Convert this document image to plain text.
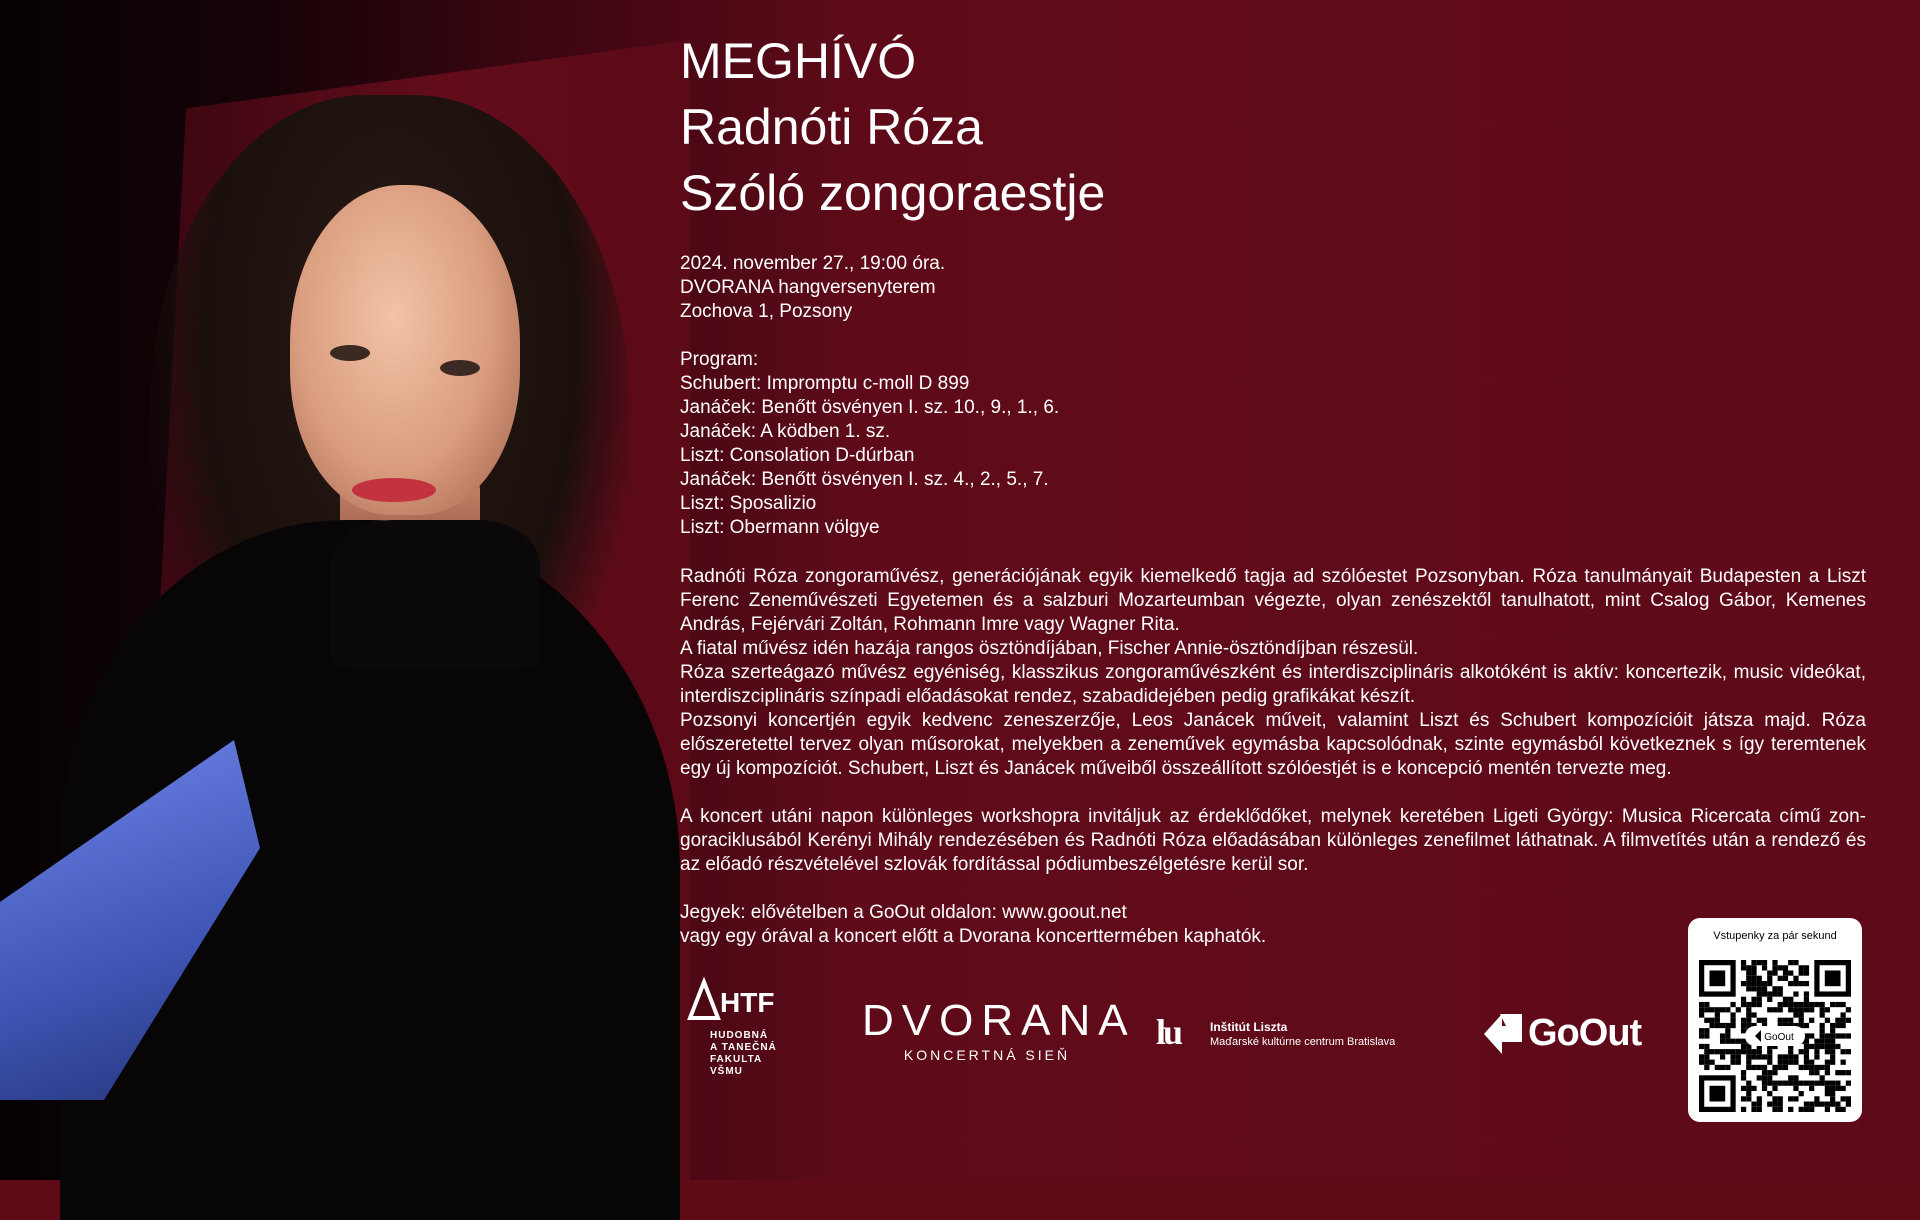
MEGHÍVÓ
Radnóti Róza
Szóló zongoraestje
2024. november 27., 19:00 óra.
DVORANA hangversenyterem
Zochova 1, Pozsony
Program:
Schubert: Impromptu c-moll D 899
Janáček: Benőtt ösvényen I. sz. 10., 9., 1., 6.
Janáček: A ködben 1. sz.
Liszt: Consolation D-dúrban
Janáček: Benőtt ösvényen I. sz. 4., 2., 5., 7.
Liszt: Sposalizio
Liszt: Obermann völgye

Radnóti Róza zongoraművész, generációjának egyik kiemelkedő tagja ad szólóestet Pozsonyban. Róza tanulmányait Budapesten a Liszt Ferenc Zeneművészeti Egyetemen és a salzburi Mozarteumban végezte, olyan zenészektől tanulhatott, mint Csalog Gábor, Kemenes András, Fejérvári Zoltán, Rohmann Imre vagy Wagner Rita.

A fiatal művész idén hazája rangos ösztöndíjában, Fischer Annie-ösztöndíjban részesül.

Róza szerteágazó művész egyéniség, klasszikus zongoraművészként és interdiszciplináris alkotóként is aktív: koncertezik, music videókat, interdiszciplináris színpadi előadásokat rendez, szabadidejében pedig grafikákat készít.

Pozsonyi koncertjén egyik kedvenc zeneszerzője, Leos Janácek műveit, valamint Liszt és Schubert kompozícióit játsza majd. Róza előszeretettel tervez olyan műsorokat, melyekben a zeneművek egymásba kapcsolódnak, szinte egymásból következnek s így teremtenek egy új kompozíciót. Schubert, Liszt és Janácek műveiből összeállított szólóestjét is e koncepció mentén tervezte meg.

A koncert utáni napon különleges workshopra invitáljuk az érdeklődőket, melynek keretében Ligeti György: Musica Ricercata című zongoraciklusából Kerényi Mihály rendezésében és Radnóti Róza előadásában különleges zenefilmet láthatnak. A filmvetítés után a rendező és az előadó részvételével szlovák fordítással pódiumbeszélgetésre kerül sor.

Jegyek: elővételben a GoOut oldalon: www.goout.net
vagy egy órával a koncert előtt a Dvorana koncerttermében kaphatók.
HTF
HUDOBNÁ
A TANEČNÁ
FAKULTA
VŠMU
DVORANA
KONCERTNÁ SIEŇ
lu Inštitút Liszta
Maďarské kultúrne centrum Bratislava	GoOut
Vstupenky za pár sekund
GoOut
